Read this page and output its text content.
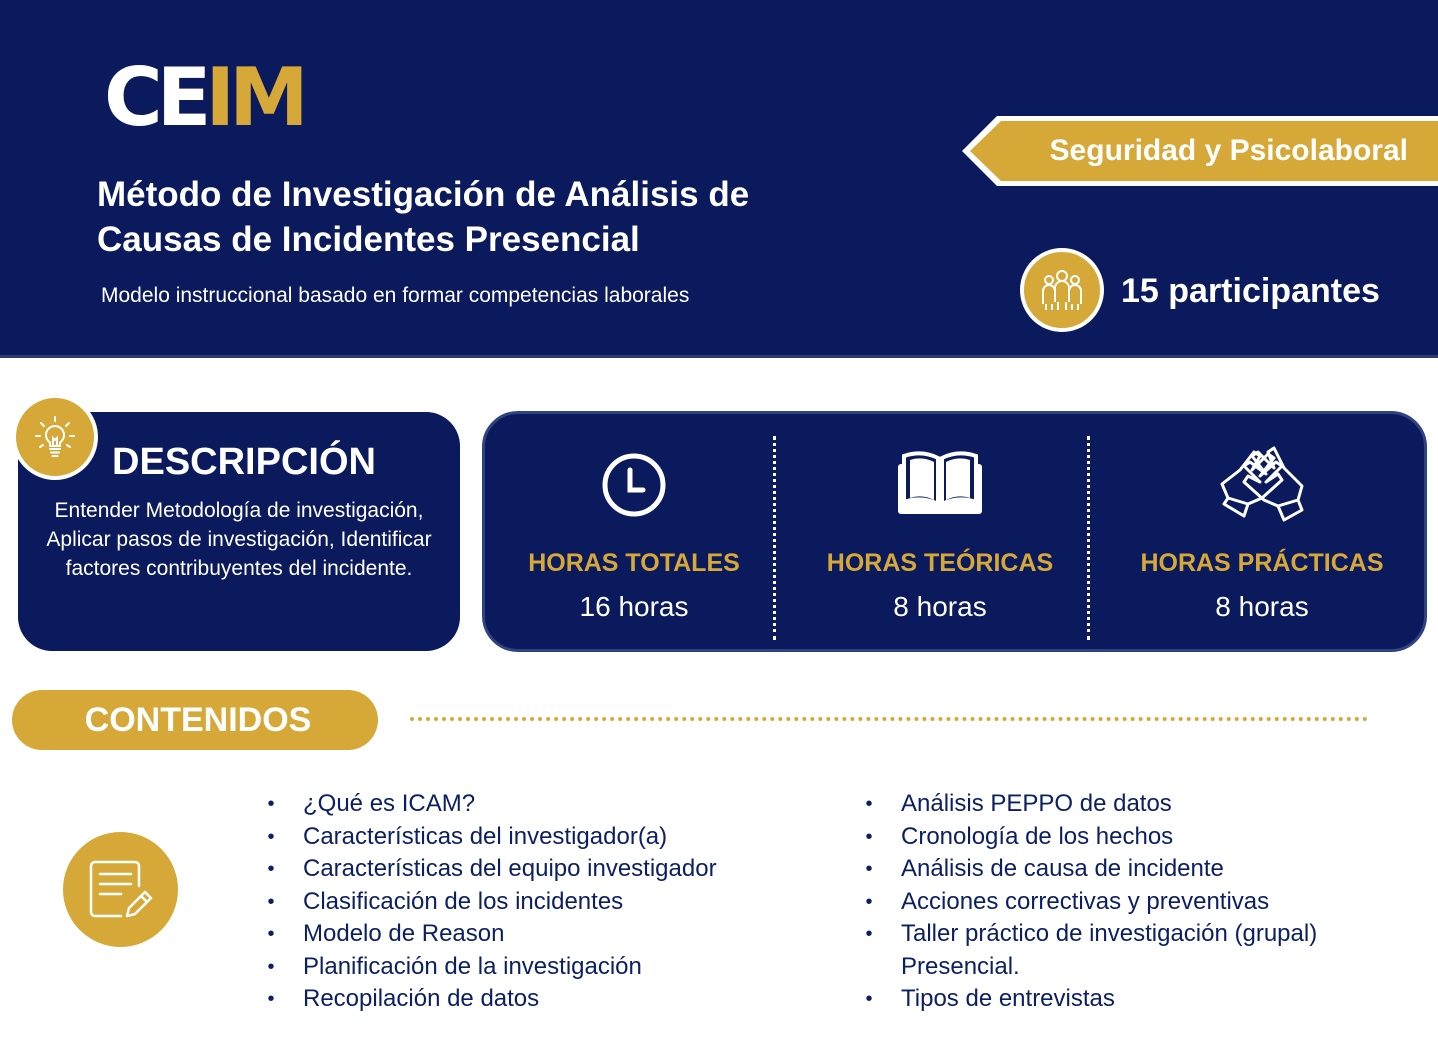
CEIM
Método de Investigación de Análisis de Causas de Incidentes Presencial
Modelo instruccional basado en formar competencias laborales
Seguridad y Psicolaboral
15 participantes
DESCRIPCIÓN
Entender Metodología de investigación, Aplicar pasos de investigación, Identificar factores contribuyentes del incidente.	HORAS TOTALES
16 horas
HORAS TEÓRICAS
8 horas
HORAS PRÁCTICAS
8 horas
CONTENIDOS
• ¿Qué es ICAM?
• Características del investigador(a)
• Características del equipo investigador
• Clasificación de los incidentes
• Modelo de Reason
• Planificación de la investigación
• Recopilación de datos
• Análisis PEPPO de datos
• Cronología de los hechos
• Análisis de causa de incidente
• Acciones correctivas y preventivas
• Taller práctico de investigación (grupal) Presencial.
• Tipos de entrevistas
